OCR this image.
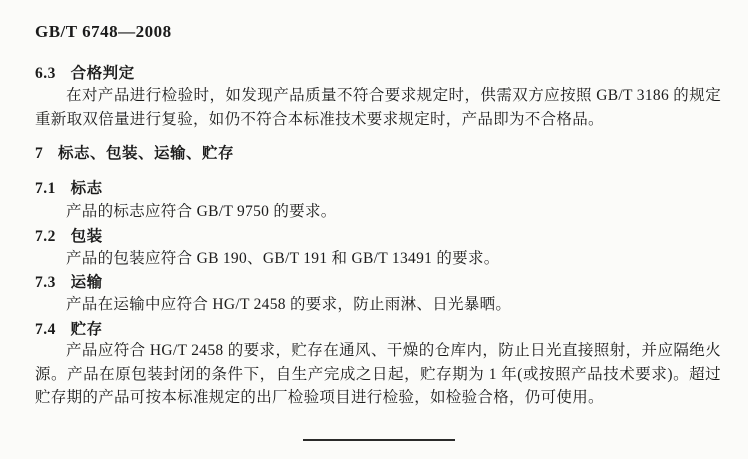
GB/T 6748—2008
6.3 合格判定
在对产品进行检验时，如发现产品质量不符合要求规定时，供需双方应按照 GB/T 3186 的规定重新取双倍量进行复验，如仍不符合本标准技术要求规定时，产品即为不合格品。
7 标志、包装、运输、贮存
7.1 标志
产品的标志应符合 GB/T 9750 的要求。
7.2 包装
产品的包装应符合 GB 190、GB/T 191 和 GB/T 13491 的要求。
7.3 运输
产品在运输中应符合 HG/T 2458 的要求，防止雨淋、日光暴晒。
7.4 贮存
产品应符合 HG/T 2458 的要求，贮存在通风、干燥的仓库内，防止日光直接照射，并应隔绝火源。产品在原包装封闭的条件下，自生产完成之日起，贮存期为 1 年(或按照产品技术要求)。超过贮存期的产品可按本标准规定的出厂检验项目进行检验，如检验合格，仍可使用。
